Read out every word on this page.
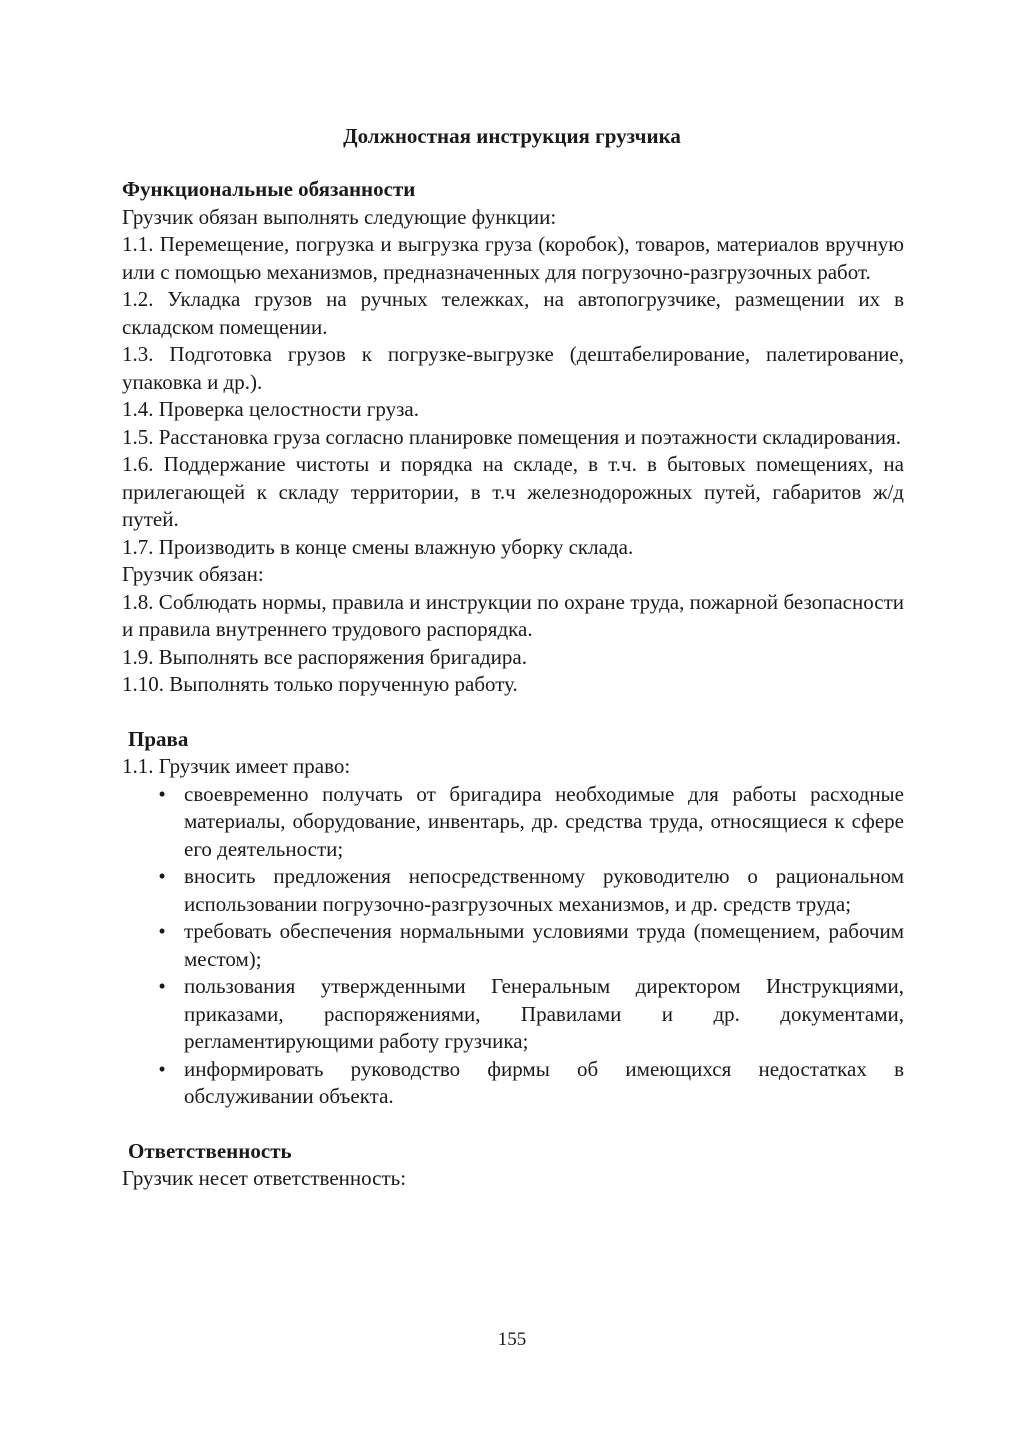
Должностная инструкция грузчика

Функциональные обязанности

Грузчик обязан выполнять следующие функции:

1.1. Перемещение, погрузка и выгрузка груза (коробок), товаров, материалов вручную или с помощью механизмов, предназначенных для погрузочно-разгрузочных работ.

1.2. Укладка грузов на ручных тележках, на автопогрузчике, размещении их в складском помещении.

1.3. Подготовка грузов к погрузке-выгрузке (дештабелирование, палетирование, упаковка и др.).

1.4. Проверка целостности груза.

1.5. Расстановка груза согласно планировке помещения и поэтажности складирования.

1.6. Поддержание чистоты и порядка на складе, в т.ч. в бытовых помещениях, на прилегающей к складу территории, в т.ч железнодорожных путей, габаритов ж/д путей.

1.7. Производить в конце смены влажную уборку склада.

Грузчик обязан:

1.8. Соблюдать нормы, правила и инструкции по охране труда, пожарной безопасности и правила внутреннего трудового распорядка.

1.9. Выполнять все распоряжения бригадира.

1.10. Выполнять только порученную работу.

Права

1.1. Грузчик имеет право:

• своевременно получать от бригадира необходимые для работы расходные материалы, оборудование, инвентарь, др. средства труда, относящиеся к сфере его деятельности;
• вносить предложения непосредственному руководителю о рациональном использовании погрузочно-разгрузочных механизмов, и др. средств труда;
• требовать обеспечения нормальными условиями труда (помещением, рабочим местом);
• пользования утвержденными Генеральным директором Инструкциями, приказами, распоряжениями, Правилами и др. документами, регламентирующими работу грузчика;
• информировать руководство фирмы об имеющихся недостатках в обслуживании объекта.

Ответственность

Грузчик несет ответственность:

155
